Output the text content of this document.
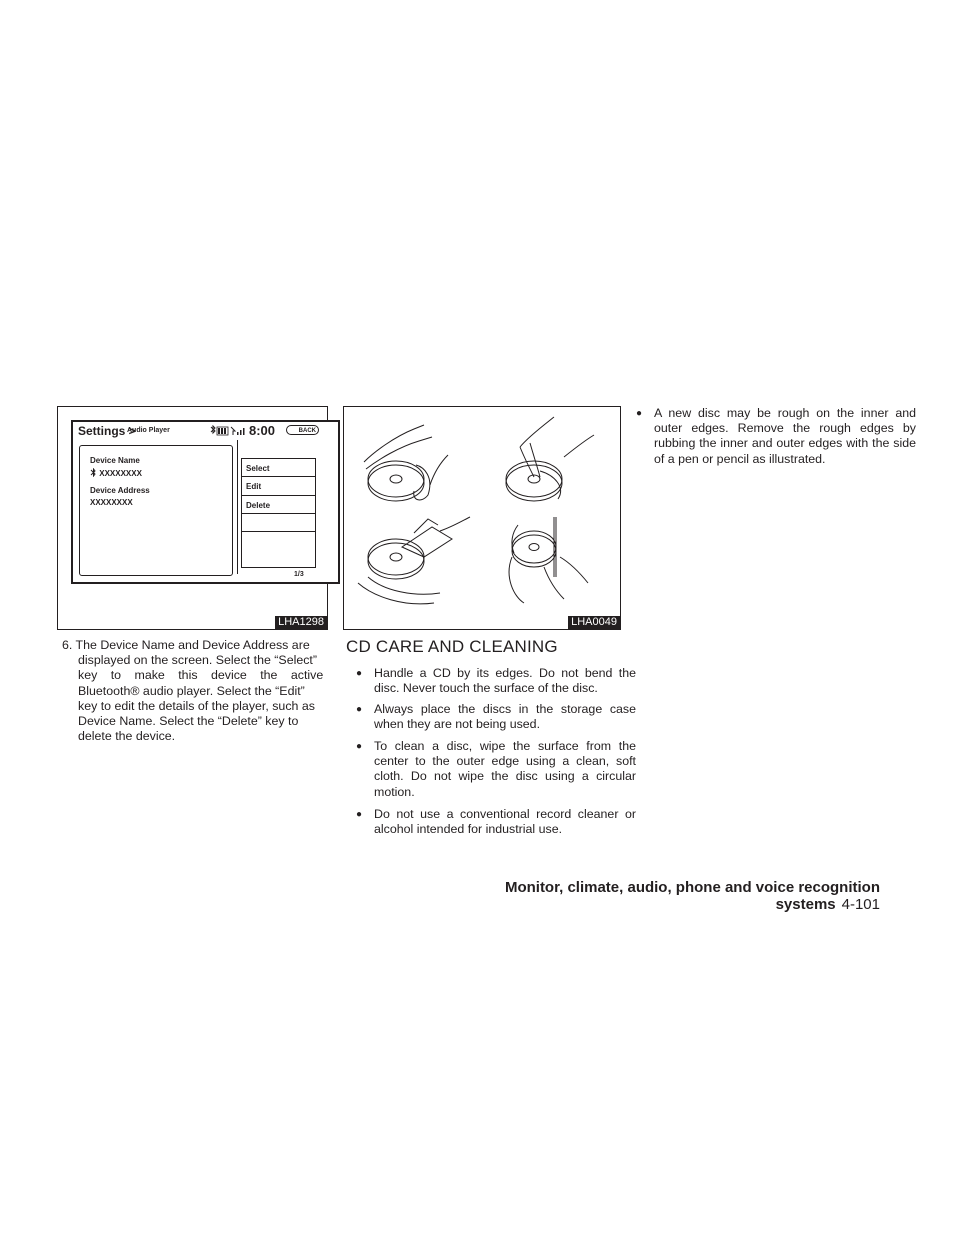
Settings >
Audio Player	8:00	BACK
Device Name
XXXXXXXX
Device Address
XXXXXXXX
Select
Edit
Delete
1/3
LHA1298	LHA0049
6. The Device Name and Device Address are
displayed on the screen. Select the “Select”
key to make this device the active
Bluetooth® audio player. Select the “Edit”
key to edit the details of the player, such as
Device Name. Select the “Delete” key to
delete the device.
CD CARE AND CLEANING
● Handle a CD by its edges. Do not bend the disc. Never touch the surface of the disc.
● Always place the discs in the storage case when they are not being used.
● To clean a disc, wipe the surface from the center to the outer edge using a clean, soft cloth. Do not wipe the disc using a circular motion.
● Do not use a conventional record cleaner or alcohol intended for industrial use.
● A new disc may be rough on the inner and outer edges. Remove the rough edges by rubbing the inner and outer edges with the side of a pen or pencil as illustrated.
Monitor, climate, audio, phone and voice recognition systems 4-101
